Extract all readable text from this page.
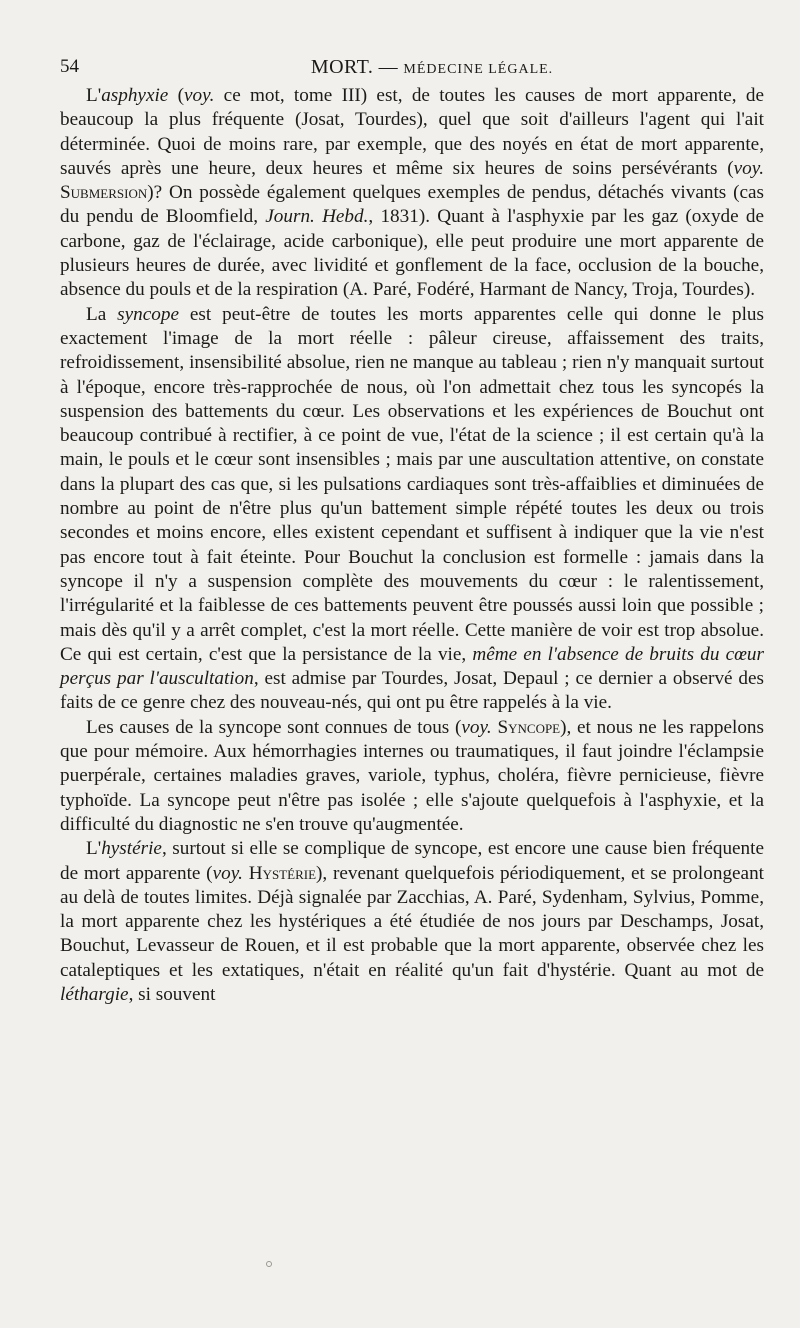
54	MORT. — MÉDECINE LÉGALE.

L'asphyxie (voy. ce mot, tome III) est, de toutes les causes de mort apparente, de beaucoup la plus fréquente (Josat, Tourdes), quel que soit d'ailleurs l'agent qui l'ait déterminée. Quoi de moins rare, par exemple, que des noyés en état de mort apparente, sauvés après une heure, deux heures et même six heures de soins persévérants (voy. Submersion)? On possède également quelques exemples de pendus, détachés vivants (cas du pendu de Bloomfield, Journ. Hebd., 1831). Quant à l'asphyxie par les gaz (oxyde de carbone, gaz de l'éclairage, acide carbonique), elle peut produire une mort apparente de plusieurs heures de durée, avec lividité et gonflement de la face, occlusion de la bouche, absence du pouls et de la respiration (A. Paré, Fodéré, Harmant de Nancy, Troja, Tourdes).

La syncope est peut-être de toutes les morts apparentes celle qui donne le plus exactement l'image de la mort réelle : pâleur cireuse, affaissement des traits, refroidissement, insensibilité absolue, rien ne manque au tableau ; rien n'y manquait surtout à l'époque, encore très-rapprochée de nous, où l'on admettait chez tous les syncopés la suspension des battements du cœur. Les observations et les expériences de Bouchut ont beaucoup contribué à rectifier, à ce point de vue, l'état de la science ; il est certain qu'à la main, le pouls et le cœur sont insensibles ; mais par une auscultation attentive, on constate dans la plupart des cas que, si les pulsations cardiaques sont très-affaiblies et diminuées de nombre au point de n'être plus qu'un battement simple répété toutes les deux ou trois secondes et moins encore, elles existent cependant et suffisent à indiquer que la vie n'est pas encore tout à fait éteinte. Pour Bouchut la conclusion est formelle : jamais dans la syncope il n'y a suspension complète des mouvements du cœur : le ralentissement, l'irrégularité et la faiblesse de ces battements peuvent être poussés aussi loin que possible ; mais dès qu'il y a arrêt complet, c'est la mort réelle. Cette manière de voir est trop absolue. Ce qui est certain, c'est que la persistance de la vie, même en l'absence de bruits du cœur perçus par l'auscultation, est admise par Tourdes, Josat, Depaul ; ce dernier a observé des faits de ce genre chez des nouveau-nés, qui ont pu être rappelés à la vie.

Les causes de la syncope sont connues de tous (voy. Syncope), et nous ne les rappelons que pour mémoire. Aux hémorrhagies internes ou traumatiques, il faut joindre l'éclampsie puerpérale, certaines maladies graves, variole, typhus, choléra, fièvre pernicieuse, fièvre typhoïde. La syncope peut n'être pas isolée ; elle s'ajoute quelquefois à l'asphyxie, et la difficulté du diagnostic ne s'en trouve qu'augmentée.

L'hystérie, surtout si elle se complique de syncope, est encore une cause bien fréquente de mort apparente (voy. Hystérie), revenant quelquefois périodiquement, et se prolongeant au delà de toutes limites. Déjà signalée par Zacchias, A. Paré, Sydenham, Sylvius, Pomme, la mort apparente chez les hystériques a été étudiée de nos jours par Deschamps, Josat, Bouchut, Levasseur de Rouen, et il est probable que la mort apparente, observée chez les cataleptiques et les extatiques, n'était en réalité qu'un fait d'hystérie. Quant au mot de léthargie, si souvent
